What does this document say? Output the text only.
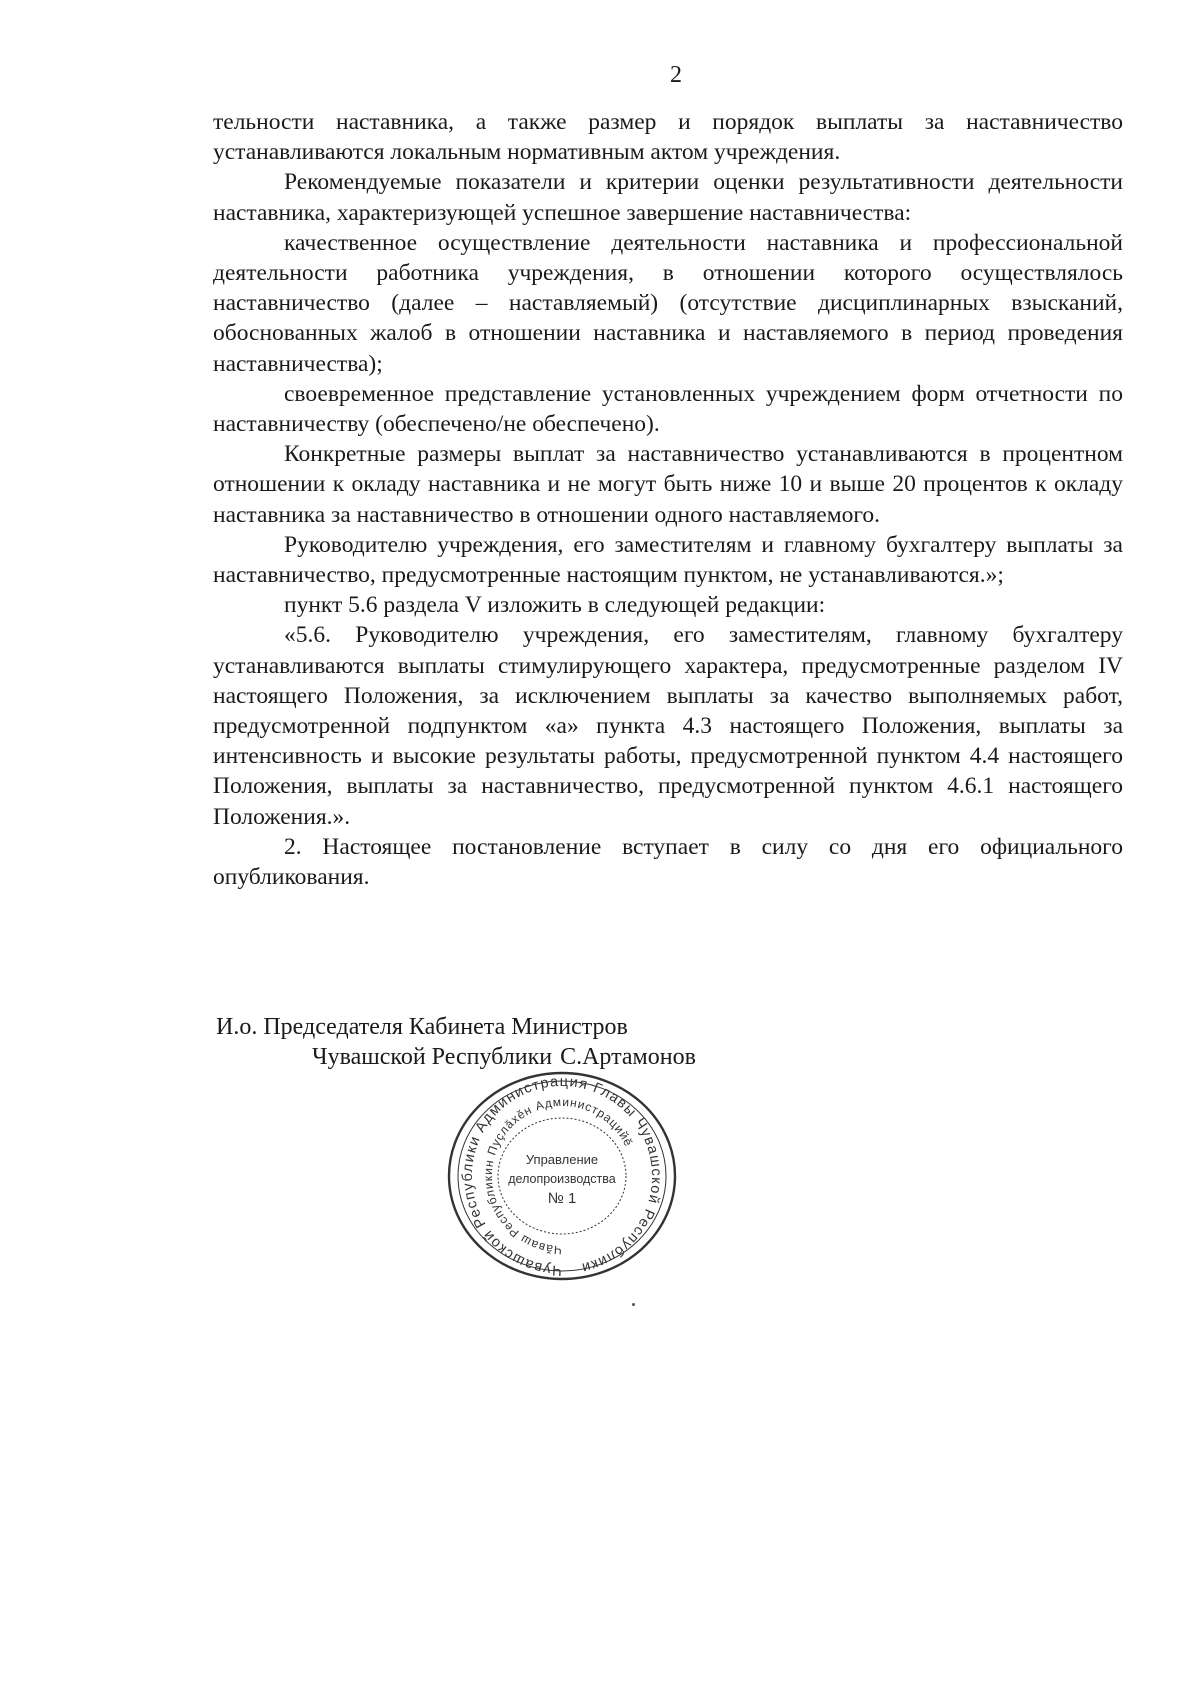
2

тельности наставника, а также размер и порядок выплаты за наставничество устанавливаются локальным нормативным актом учреждения.

Рекомендуемые показатели и критерии оценки результативности деятельности наставника, характеризующей успешное завершение наставничества:

качественное осуществление деятельности наставника и профессиональной деятельности работника учреждения, в отношении которого осуществлялось наставничество (далее – наставляемый) (отсутствие дисциплинарных взысканий, обоснованных жалоб в отношении наставника и наставляемого в период проведения наставничества);

своевременное представление установленных учреждением форм отчетности по наставничеству (обеспечено/не обеспечено).

Конкретные размеры выплат за наставничество устанавливаются в процентном отношении к окладу наставника и не могут быть ниже 10 и выше 20 процентов к окладу наставника за наставничество в отношении одного наставляемого.

Руководителю учреждения, его заместителям и главному бухгалтеру выплаты за наставничество, предусмотренные настоящим пунктом, не устанавливаются.»;

пункт 5.6 раздела V изложить в следующей редакции:

«5.6. Руководителю учреждения, его заместителям, главному бухгалтеру устанавливаются выплаты стимулирующего характера, предусмотренные разделом IV настоящего Положения, за исключением выплаты за качество выполняемых работ, предусмотренной подпунктом «а» пункта 4.3 настоящего Положения, выплаты за интенсивность и высокие результаты работы, предусмотренной пунктом 4.4 настоящего Положения, выплаты за наставничество, предусмотренной пунктом 4.6.1 настоящего Положения.».

2. Настоящее постановление вступает в силу со дня его официального опубликования.

И.о. Председателя Кабинета Министров
Чувашской Республики С.Артамонов
Чувашской Республики Администрация Главы Чувашской Республики
Чăваш Республикин Пуçлăхĕн Администрацийĕ
Управление
делопроизводства
№ 1
